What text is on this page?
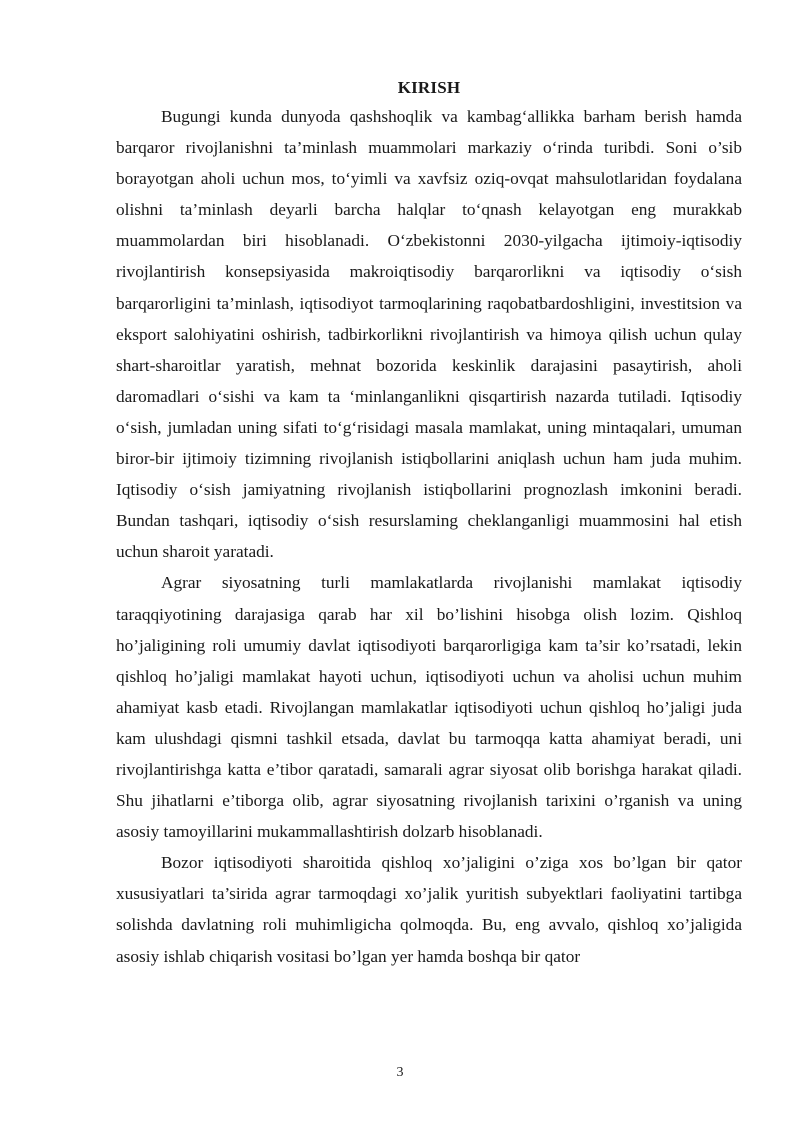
KIRISH

Bugungi kunda dunyoda qashshoqlik va kambag‘allikka barham berish hamda barqaror rivojlanishni ta’minlash muammolari markaziy o‘rinda turibdi. Soni o’sib borayotgan aholi uchun mos, to‘yimli va xavfsiz oziq-ovqat mahsulotlaridan foydalana olishni ta’minlash deyarli barcha halqlar to‘qnash kelayotgan eng murakkab muammolardan biri hisoblanadi. O‘zbekistonni 2030-yilgacha ijtimoiy-iqtisodiy rivojlantirish konsepsiyasida makroiqtisodiy barqarorlikni va iqtisodiy o‘sish barqarorligini ta’minlash, iqtisodiyot tarmoqlarining raqobatbardoshligini, investitsion va eksport salohiyatini oshirish, tadbirkorlikni rivojlantirish va himoya qilish uchun qulay shart-sharoitlar yaratish, mehnat bozorida keskinlik darajasini pasaytirish, aholi daromadlari o‘sishi va kam ta ‘minlanganlikni qisqartirish nazarda tutiladi. Iqtisodiy o‘sish, jumladan uning sifati to‘g‘risidagi masala mamlakat, uning mintaqalari, umuman biror-bir ijtimoiy tizimning rivojlanish istiqbollarini aniqlash uchun ham juda muhim. Iqtisodiy o‘sish jamiyatning rivojlanish istiqbollarini prognozlash imkonini beradi. Bundan tashqari, iqtisodiy o‘sish resurslaming cheklanganligi muammosini hal etish uchun sharoit yaratadi.

Agrar siyosatning turli mamlakatlarda rivojlanishi mamlakat iqtisodiy taraqqiyotining darajasiga qarab har xil bo’lishini hisobga olish lozim. Qishloq ho’jaligining roli umumiy davlat iqtisodiyoti barqarorligiga kam ta’sir ko’rsatadi, lekin qishloq ho’jaligi mamlakat hayoti uchun, iqtisodiyoti uchun va aholisi uchun muhim ahamiyat kasb etadi. Rivojlangan mamlakatlar iqtisodiyoti uchun qishloq ho’jaligi juda kam ulushdagi qismni tashkil etsada, davlat bu tarmoqqa katta ahamiyat beradi, uni rivojlantirishga katta e’tibor qaratadi, samarali agrar siyosat olib borishga harakat qiladi. Shu jihatlarni e’tiborga olib, agrar siyosatning rivojlanish tarixini o’rganish va uning asosiy tamoyillarini mukammallashtirish dolzarb hisoblanadi.

Bozor iqtisodiyoti sharoitida qishloq xo’jaligini o’ziga xos bo’lgan bir qator xususiyatlari ta’sirida agrar tarmoqdagi xo’jalik yuritish subyektlari faoliyatini tartibga solishda davlatning roli muhimligicha qolmoqda. Bu, eng avvalo, qishloq xo’jaligida asosiy ishlab chiqarish vositasi bo’lgan yer hamda boshqa bir qator

3
